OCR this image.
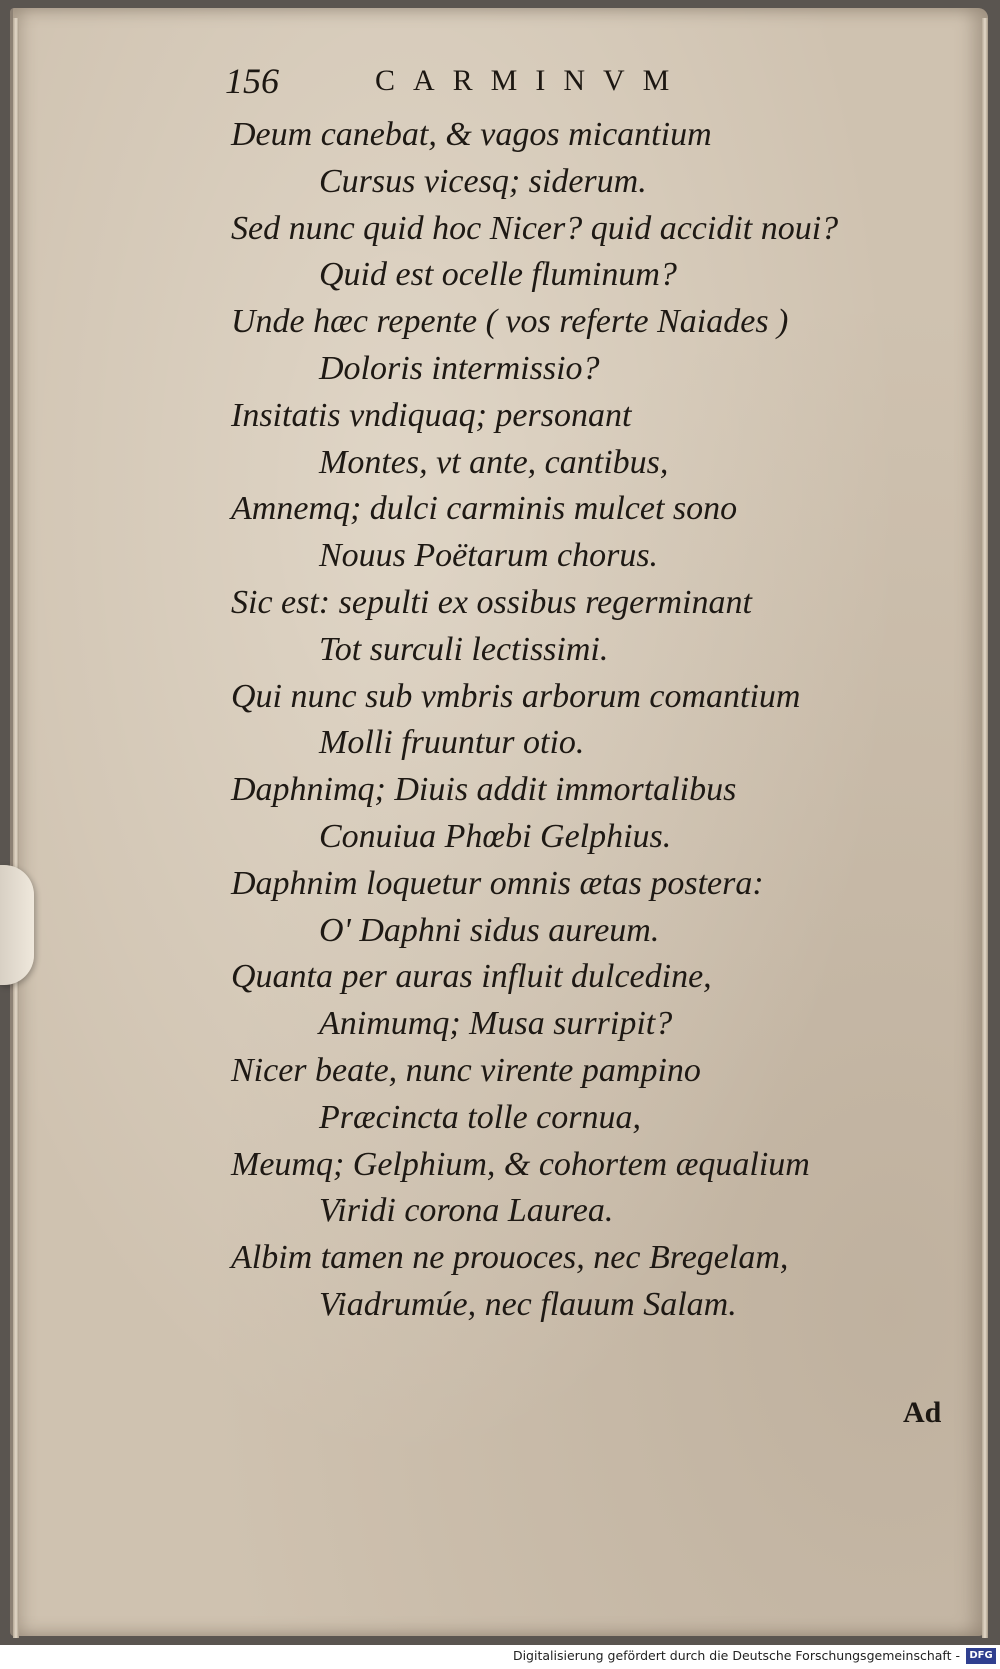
156	CARMINVM
Deum canebat, & vagos micantium
Cursus vicesq; siderum.
Sed nunc quid hoc Nicer? quid accidit noui?
Quid est ocelle fluminum?
Unde hæc repente ( vos referte Naiades )
Doloris intermissio?
Insitatis vndiquaq; personant
Montes, vt ante, cantibus,
Amnemq; dulci carminis mulcet sono
Nouus Poëtarum chorus.
Sic est: sepulti ex ossibus regerminant
Tot surculi lectissimi.
Qui nunc sub vmbris arborum comantium
Molli fruuntur otio.
Daphnimq; Diuis addit immortalibus
Conuiua Phœbi Gelphius.
Daphnim loquetur omnis ætas postera:
O' Daphni sidus aureum.
Quanta per auras influit dulcedine,
Animumq; Musa surripit?
Nicer beate, nunc virente pampino
Præcincta tolle cornua,
Meumq; Gelphium, & cohortem æqualium
Viridi corona Laurea.
Albim tamen ne prouoces, nec Bregelam,
Viadrumúe, nec flauum Salam.
Ad
Digitalisierung gefördert durch die Deutsche Forschungsgemeinschaft - DFG
